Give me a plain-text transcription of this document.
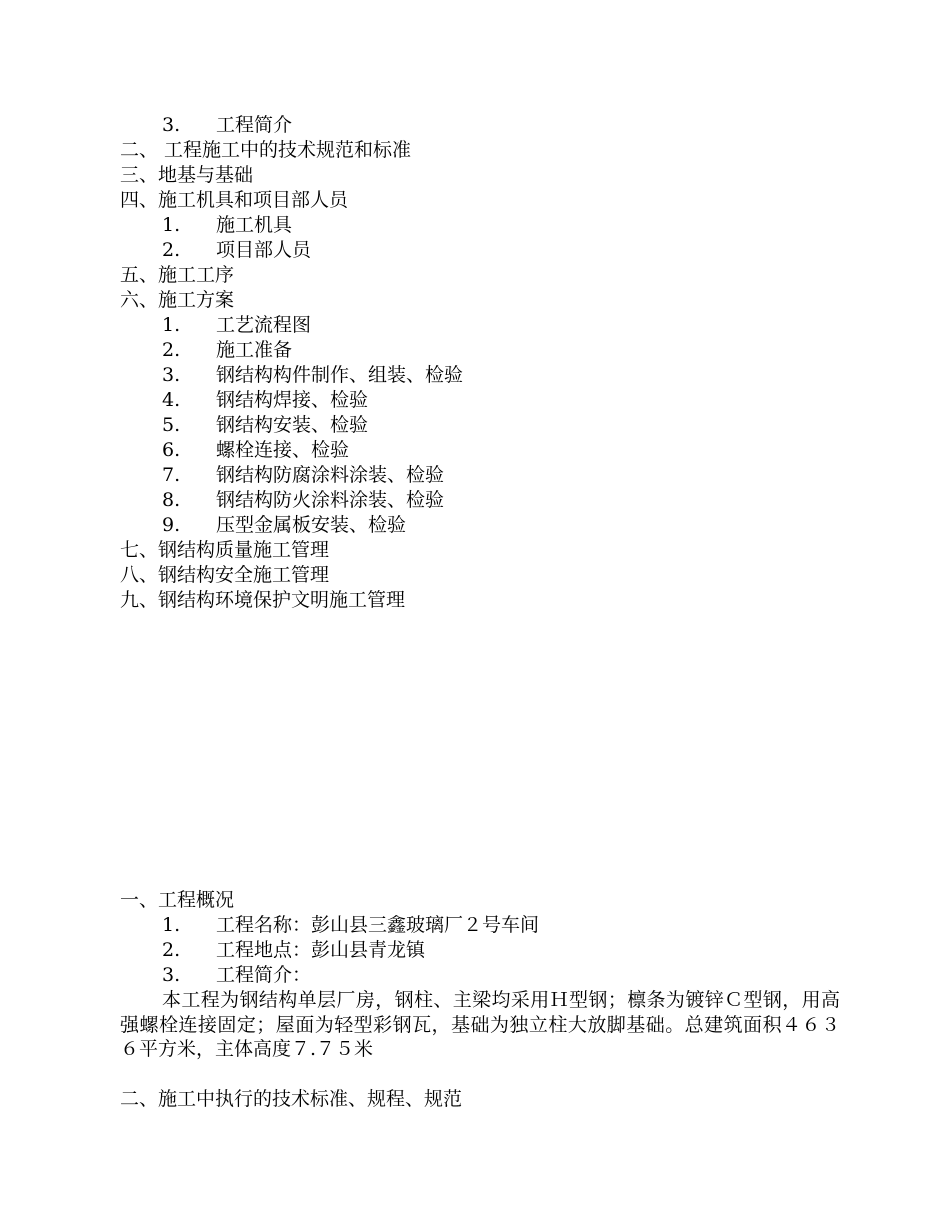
3. 工程简介
二、 工程施工中的技术规范和标准
三、地基与基础
四、施工机具和项目部人员
1. 施工机具
2. 项目部人员
五、施工工序
六、施工方案
1. 工艺流程图
2. 施工准备
3. 钢结构构件制作、组装、检验
4. 钢结构焊接、检验
5. 钢结构安装、检验
6. 螺栓连接、检验
7. 钢结构防腐涂料涂装、检验
8. 钢结构防火涂料涂装、检验
9. 压型金属板安装、检验
七、钢结构质量施工管理
八、钢结构安全施工管理
九、钢结构环境保护文明施工管理
一、工程概况
1. 工程名称：彭山县三鑫玻璃厂２号车间
2. 工程地点：彭山县青龙镇
3. 工程简介：

本工程为钢结构单层厂房，钢柱、主梁均采用Ｈ型钢；檩条为镀锌Ｃ型钢，用高强螺栓连接固定；屋面为轻型彩钢瓦，基础为独立柱大放脚基础。总建筑面积４６３６平方米，主体高度７.７５米

二、施工中执行的技术标准、规程、规范
